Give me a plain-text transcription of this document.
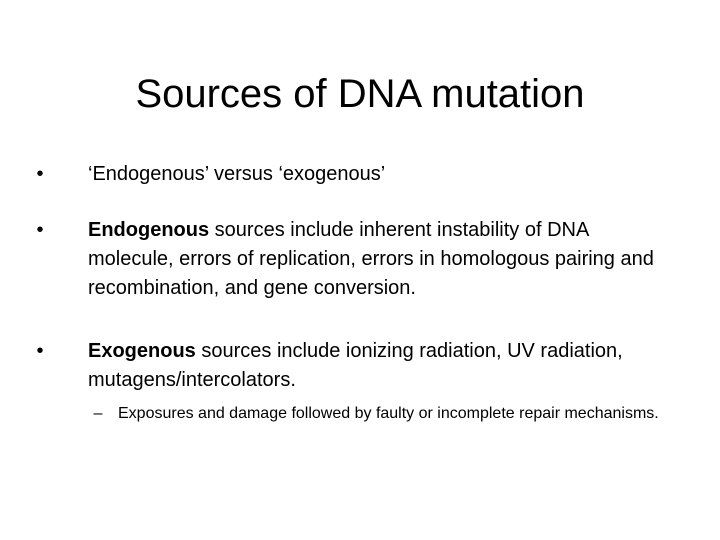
Sources of DNA mutation
•	‘Endogenous’ versus ‘exogenous’
•	Endogenous sources include inherent instability of DNA molecule, errors of replication, errors in homologous pairing and recombination, and gene conversion.
•	Exogenous sources include ionizing radiation, UV radiation, mutagens/intercolators.
– Exposures and damage followed by faulty or incomplete repair mechanisms.
